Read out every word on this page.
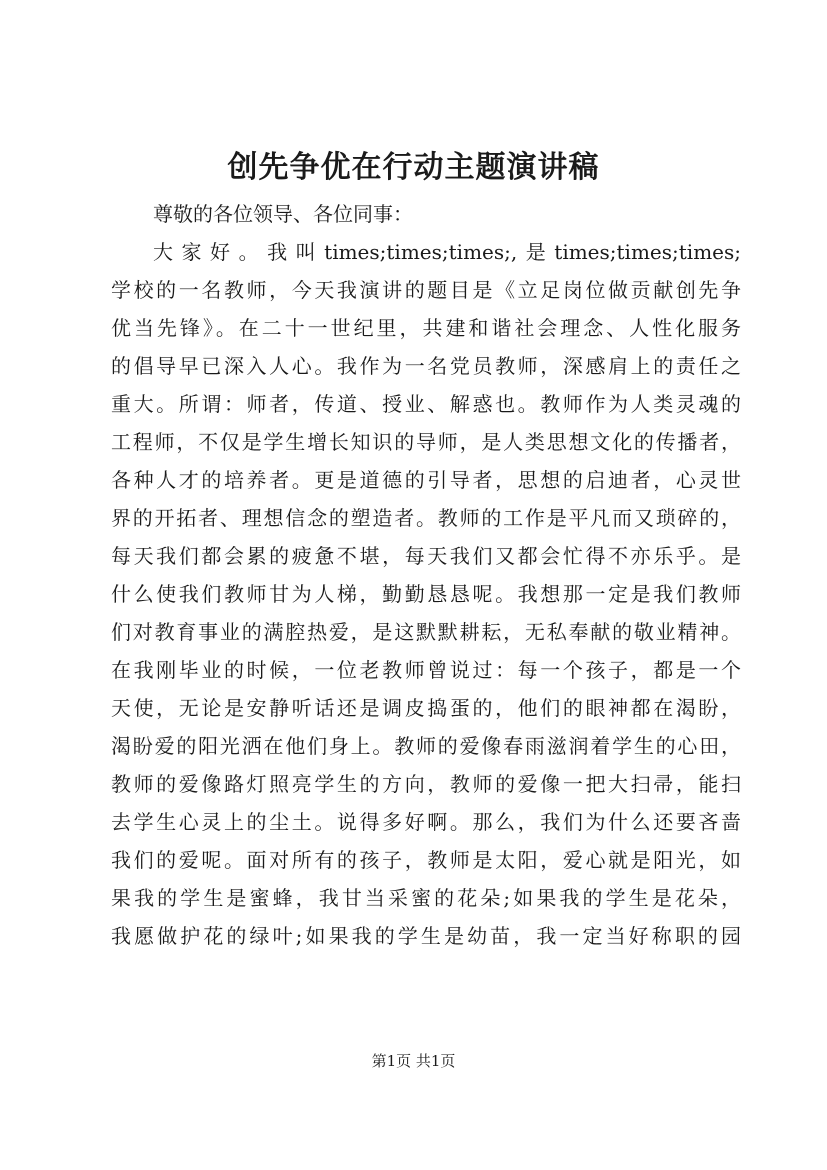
创先争优在行动主题演讲稿
尊敬的各位领导、各位同事：
大家好。我叫times;times;times;,是times;times;times;
学校的一名教师，今天我演讲的题目是《立足岗位做贡献创先争
优当先锋》。在二十一世纪里，共建和谐社会理念、人性化服务
的倡导早已深入人心。我作为一名党员教师，深感肩上的责任之
重大。所谓：师者，传道、授业、解惑也。教师作为人类灵魂的
工程师，不仅是学生增长知识的导师，是人类思想文化的传播者，
各种人才的培养者。更是道德的引导者，思想的启迪者，心灵世
界的开拓者、理想信念的塑造者。教师的工作是平凡而又琐碎的，
每天我们都会累的疲惫不堪，每天我们又都会忙得不亦乐乎。是
什么使我们教师甘为人梯，勤勤恳恳呢。我想那一定是我们教师
们对教育事业的满腔热爱，是这默默耕耘，无私奉献的敬业精神。
在我刚毕业的时候，一位老教师曾说过：每一个孩子，都是一个
天使，无论是安静听话还是调皮捣蛋的，他们的眼神都在渴盼，
渴盼爱的阳光洒在他们身上。教师的爱像春雨滋润着学生的心田，
教师的爱像路灯照亮学生的方向，教师的爱像一把大扫帚，能扫
去学生心灵上的尘土。说得多好啊。那么，我们为什么还要吝啬
我们的爱呢。面对所有的孩子，教师是太阳，爱心就是阳光，如
果我的学生是蜜蜂，我甘当采蜜的花朵;如果我的学生是花朵，
我愿做护花的绿叶;如果我的学生是幼苗，我一定当好称职的园
第1页 共1页
